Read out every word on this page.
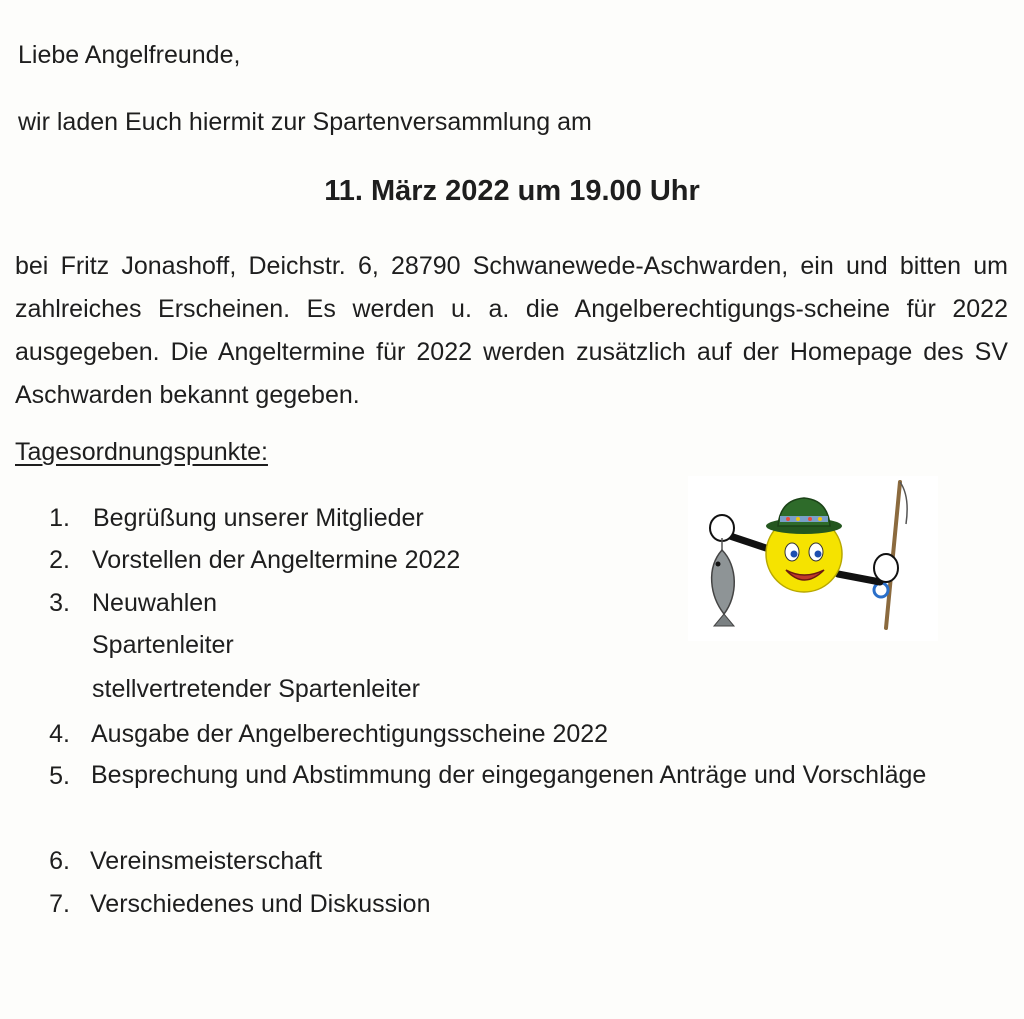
Liebe Angelfreunde,
wir laden Euch hiermit zur Spartenversammlung am
11. März 2022 um 19.00 Uhr
bei Fritz Jonashoff, Deichstr. 6, 28790 Schwanewede-Aschwarden, ein und bitten um zahlreiches Erscheinen. Es werden u. a. die Angelberechtigungs-scheine für 2022 ausgegeben. Die Angeltermine für 2022 werden zusätzlich auf der Homepage des SV Aschwarden bekannt gegeben.
Tagesordnungspunkte:
1. Begrüßung unserer Mitglieder
2. Vorstellen der Angeltermine 2022
3. Neuwahlen
Spartenleiter
stellvertretender Spartenleiter
4. Ausgabe der Angelberechtigungsscheine 2022
5. Besprechung und Abstimmung der eingegangenen Anträge und Vorschläge
6. Vereinsmeisterschaft
7. Verschiedenes und Diskussion
